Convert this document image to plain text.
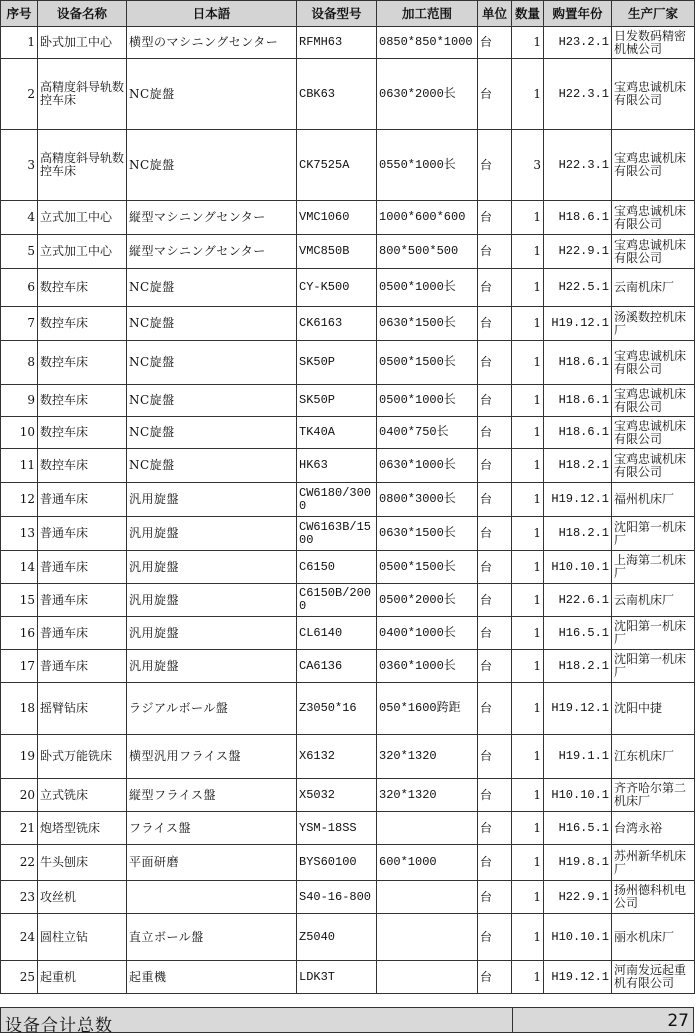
序号	设备名称	日本語	设备型号	加工范围	单位	数量	购置年份	生产厂家
1	卧式加工中心	横型のマシニングセンター	RFMH63	0850*850*1000	台	1	H23.2.1	日发数码精密机械公司
2	高精度斜导轨数控车床	NC旋盤	CBK63	0630*2000长	台	1	H22.3.1	宝鸡忠诚机床有限公司
3	高精度斜导轨数控车床	NC旋盤	CK7525A	0550*1000长	台	3	H22.3.1	宝鸡忠诚机床有限公司
4	立式加工中心	縦型マシニングセンター	VMC1060	1000*600*600	台	1	H18.6.1	宝鸡忠诚机床有限公司
5	立式加工中心	縦型マシニングセンター	VMC850B	800*500*500	台	1	H22.9.1	宝鸡忠诚机床有限公司
6	数控车床	NC旋盤	CY-K500	0500*1000长	台	1	H22.5.1	云南机床厂
7	数控车床	NC旋盤	CK6163	0630*1500长	台	1	H19.12.1	汤溪数控机床厂
8	数控车床	NC旋盤	SK50P	0500*1500长	台	1	H18.6.1	宝鸡忠诚机床有限公司
9	数控车床	NC旋盤	SK50P	0500*1000长	台	1	H18.6.1	宝鸡忠诚机床有限公司
10	数控车床	NC旋盤	TK40A	0400*750长	台	1	H18.6.1	宝鸡忠诚机床有限公司
11	数控车床	NC旋盤	HK63	0630*1000长	台	1	H18.2.1	宝鸡忠诚机床有限公司
12	普通车床	汎用旋盤	CW6180/3000	0800*3000长	台	1	H19.12.1	福州机床厂
13	普通车床	汎用旋盤	CW6163B/1500	0630*1500长	台	1	H18.2.1	沈阳第一机床厂
14	普通车床	汎用旋盤	C6150	0500*1500长	台	1	H10.10.1	上海第二机床厂
15	普通车床	汎用旋盤	C6150B/2000	0500*2000长	台	1	H22.6.1	云南机床厂
16	普通车床	汎用旋盤	CL6140	0400*1000长	台	1	H16.5.1	沈阳第一机床厂
17	普通车床	汎用旋盤	CA6136	0360*1000长	台	1	H18.2.1	沈阳第一机床厂
18	摇臂钻床	ラジアルボール盤	Z3050*16	050*1600跨距	台	1	H19.12.1	沈阳中捷
19	卧式万能铣床	横型汎用フライス盤	X6132	320*1320	台	1	H19.1.1	江东机床厂
20	立式铣床	縦型フライス盤	X5032	320*1320	台	1	H10.10.1	齐齐哈尔第二机床厂
21	炮塔型铣床	フライス盤	YSM-18SS		台	1	H16.5.1	台湾永裕
22	牛头刨床	平面研磨	BYS60100	600*1000	台	1	H19.8.1	苏州新华机床厂
23	攻丝机		S40-16-800		台	1	H22.9.1	扬州德科机电公司
24	圆柱立钻	直立ボール盤	Z5040		台	1	H10.10.1	丽水机床厂
25	起重机	起重機	LDK3T		台	1	H19.12.1	河南发远起重机有限公司
设备合计总数	27
